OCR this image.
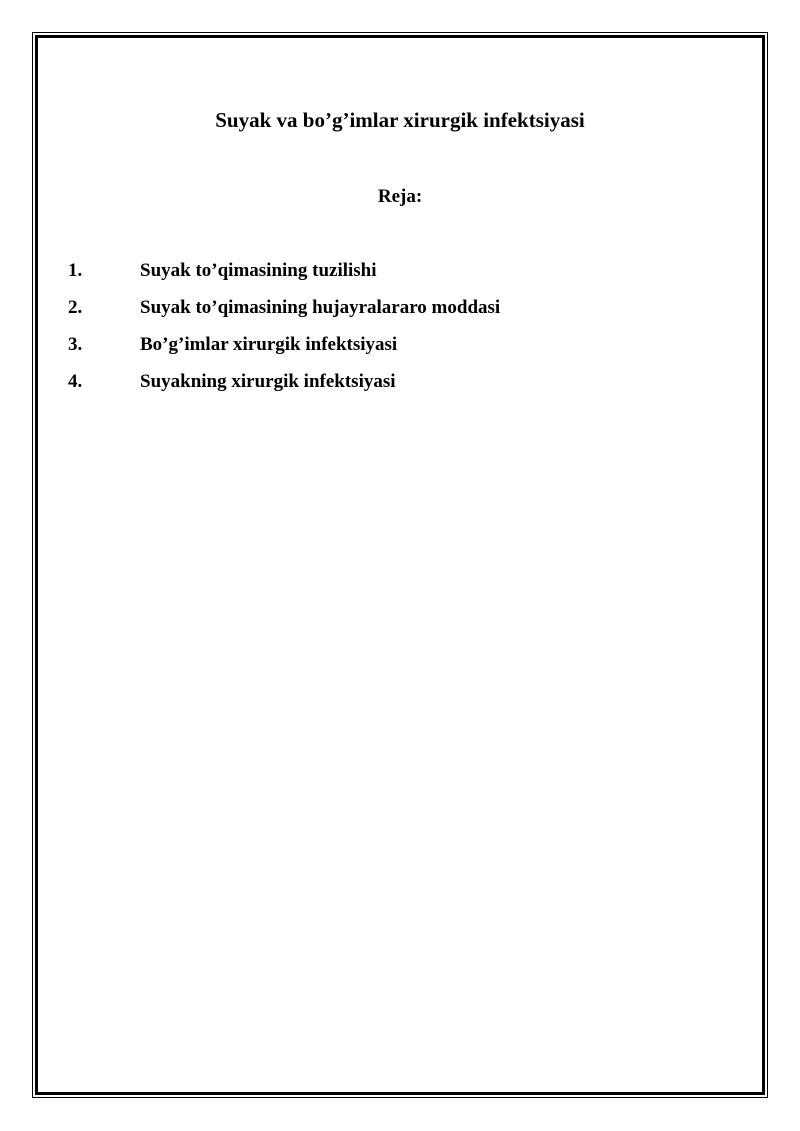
Suyak va bo’g’imlar xirurgik infektsiyasi
Reja:
1.	Suyak to’qimasining tuzilishi
2.	Suyak to’qimasining hujayralararo moddasi
3.	Bo’g’imlar xirurgik infektsiyasi
4.	Suyakning xirurgik infektsiyasi
